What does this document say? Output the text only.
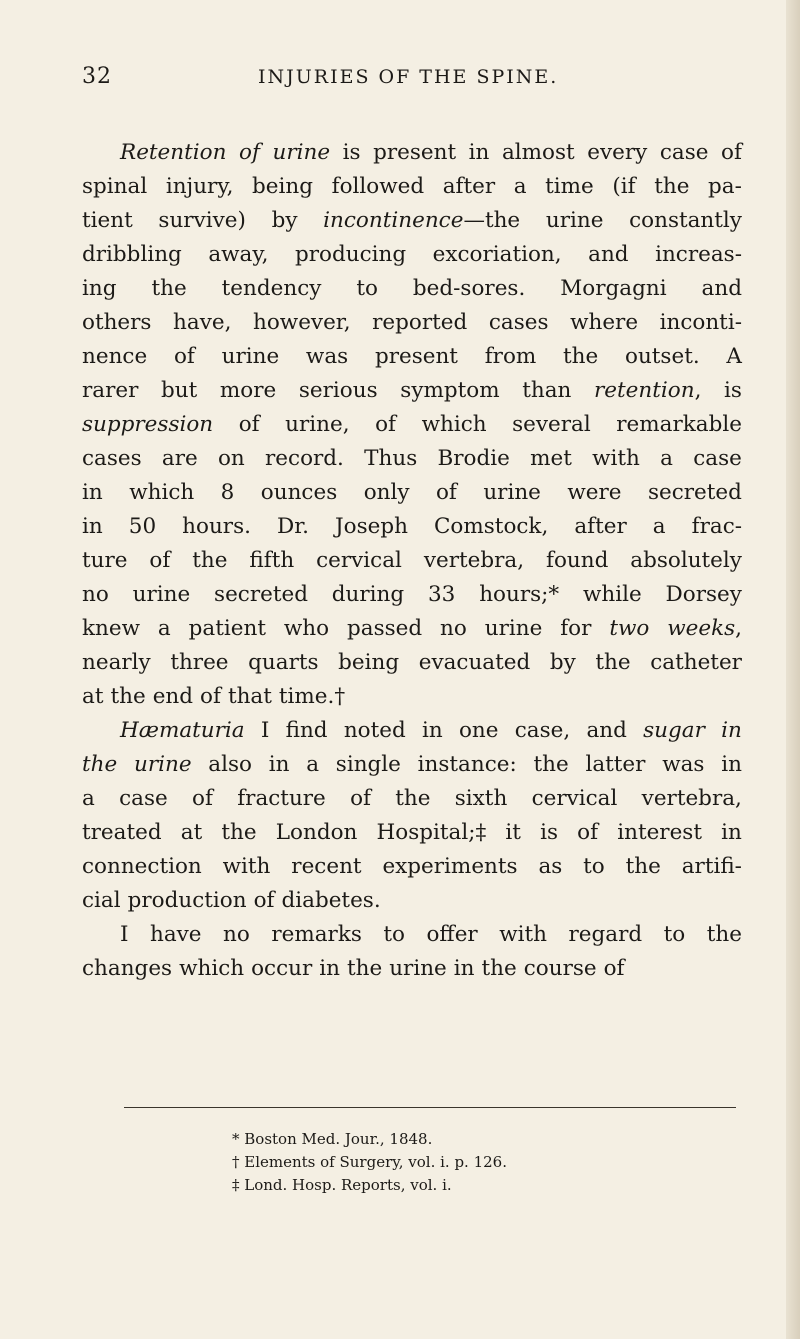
32	INJURIES OF THE SPINE.
Retention of urine is present in almost every case of
spinal injury, being followed after a time (if the pa-
tient survive) by incontinence—the urine constantly
dribbling away, producing excoriation, and increas-
ing the tendency to bed-sores. Morgagni and
others have, however, reported cases where inconti-
nence of urine was present from the outset. A
rarer but more serious symptom than retention, is
suppression of urine, of which several remarkable
cases are on record. Thus Brodie met with a case
in which 8 ounces only of urine were secreted
in 50 hours. Dr. Joseph Comstock, after a frac-
ture of the fifth cervical vertebra, found absolutely
no urine secreted during 33 hours;* while Dorsey
knew a patient who passed no urine for two weeks,
nearly three quarts being evacuated by the catheter
at the end of that time.†
Hæmaturia I find noted in one case, and sugar in
the urine also in a single instance: the latter was in
a case of fracture of the sixth cervical vertebra,
treated at the London Hospital;‡ it is of interest in
connection with recent experiments as to the artifi-
cial production of diabetes.
I have no remarks to offer with regard to the
changes which occur in the urine in the course of
* Boston Med. Jour., 1848.
† Elements of Surgery, vol. i. p. 126.
‡ Lond. Hosp. Reports, vol. i.
